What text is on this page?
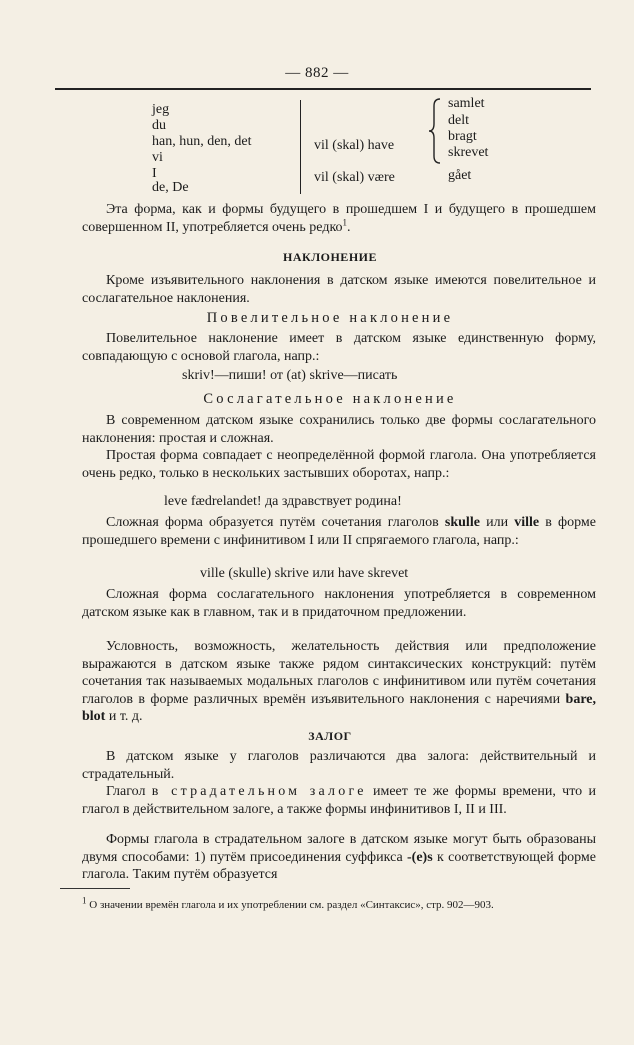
— 882 —
jeg
du
han, hun, den, det
vi
I
de, De
vil (skal) have
vil (skal) være
samlet
delt
bragt
skrevet
gået

Эта форма, как и формы будущего в прошедшем I и будущего в прошедшем совершенном II, употребляется очень редко$^1$.

НАКЛОНЕНИЕ

Кроме изъявительного наклонения в датском языке имеются повелительное и сослагательное наклонения.

Повелительное наклонение

Повелительное наклонение имеет в датском языке единственную форму, совпадающую с основой глагола, напр.:

skriv!—пиши! от (at) skrive—писать
Сослагательное наклонение

В современном датском языке сохранились только две формы сослагательного наклонения: простая и сложная.

Простая форма совпадает с неопределённой формой глагола. Она употребляется очень редко, только в нескольких застывших оборотах, напр.:

leve fædrelandet! да здравствует родина!

Сложная форма образуется путём сочетания глаголов skulle или ville в форме прошедшего времени с инфинитивом I или II спрягаемого глагола, напр.:

ville (skulle) skrive или have skrevet

Сложная форма сослагательного наклонения употребляется в современном датском языке как в главном, так и в придаточном предложении.

Условность, возможность, желательность действия или предположение выражаются в датском языке также рядом синтаксических конструкций: путём сочетания так называемых модальных глаголов с инфинитивом или путём сочетания глаголов в форме различных времён изъявительного наклонения с наречиями bare, blot и т. д.

ЗАЛОГ

В датском языке у глаголов различаются два залога: действительный и страдательный.

Глагол в страдательном залоге имеет те же формы времени, что и глагол в действительном залоге, а также формы инфинитивов I, II и III.

Формы глагола в страдательном залоге в датском языке могут быть образованы двумя способами: 1) путём присоединения суффикса -(e)s к соответствующей форме глагола. Таким путём образуется

$^1$ О значении времён глагола и их употреблении см. раздел «Синтаксис», стр. 902—903.
